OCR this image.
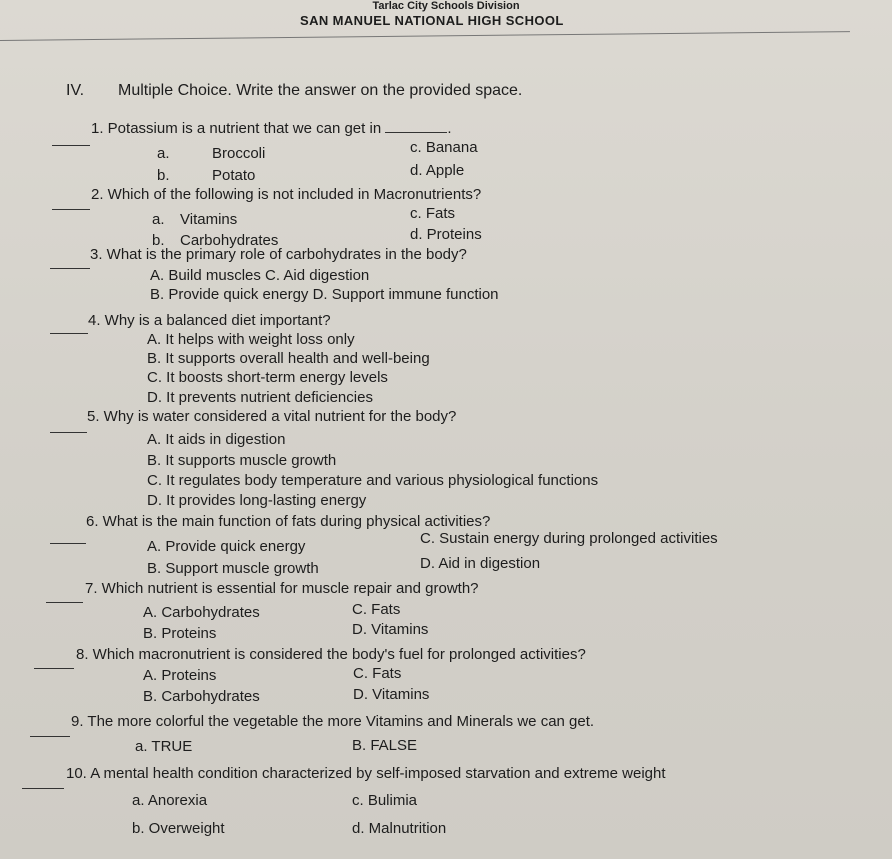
Tarlac City Schools Division
SAN MANUEL NATIONAL HIGH SCHOOL
IV. Multiple Choice. Write the answer on the provided space.
1. Potassium is a nutrient that we can get in	.
a.	Broccoli	c. Banana
b.	Potato	d. Apple
2. Which of the following is not included in Macronutrients?
a. Vitamins	c. Fats
b. Carbohydrates	d. Proteins
3. What is the primary role of carbohydrates in the body?
A. Build muscles C. Aid digestion
B. Provide quick energy D. Support immune function
4. Why is a balanced diet important?
A. It helps with weight loss only
B. It supports overall health and well-being
C. It boosts short-term energy levels
D. It prevents nutrient deficiencies
5. Why is water considered a vital nutrient for the body?
A. It aids in digestion
B. It supports muscle growth
C. It regulates body temperature and various physiological functions
D. It provides long-lasting energy
6. What is the main function of fats during physical activities?
A. Provide quick energy	C. Sustain energy during prolonged activities
B. Support muscle growth	D. Aid in digestion
7. Which nutrient is essential for muscle repair and growth?
A. Carbohydrates	C. Fats
B. Proteins	D. Vitamins
8. Which macronutrient is considered the body's fuel for prolonged activities?
A. Proteins	C. Fats
B. Carbohydrates	D. Vitamins
9. The more colorful the vegetable the more Vitamins and Minerals we can get.
a. TRUE	B. FALSE
10. A mental health condition characterized by self-imposed starvation and extreme weight
a. Anorexia	c. Bulimia
b. Overweight	d. Malnutrition
